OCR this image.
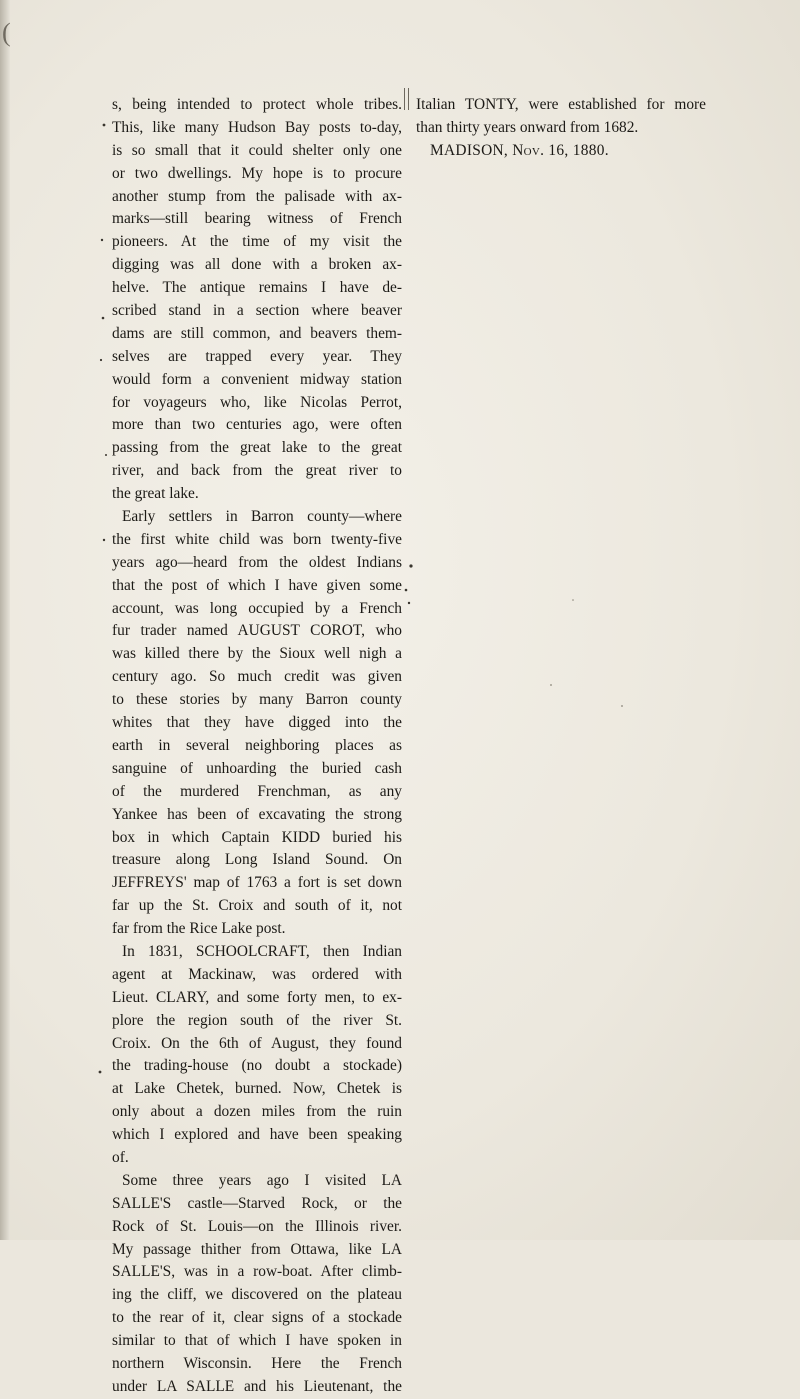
(
s, being intended to protect whole tribes.
This, like many Hudson Bay posts to-day,
is so small that it could shelter only one
or two dwellings. My hope is to procure
another stump from the palisade with ax-
marks—still bearing witness of French
pioneers. At the time of my visit the
digging was all done with a broken ax-
helve. The antique remains I have de-
scribed stand in a section where beaver
dams are still common, and beavers them-
selves are trapped every year. They
would form a convenient midway station
for voyageurs who, like Nicolas Perrot,
more than two centuries ago, were often
passing from the great lake to the great
river, and back from the great river to
the great lake.
Early settlers in Barron county—where
the first white child was born twenty-five
years ago—heard from the oldest Indians
that the post of which I have given some
account, was long occupied by a French
fur trader named AUGUST COROT, who
was killed there by the Sioux well nigh a
century ago. So much credit was given
to these stories by many Barron county
whites that they have digged into the
earth in several neighboring places as
sanguine of unhoarding the buried cash
of the murdered Frenchman, as any
Yankee has been of excavating the strong
box in which Captain KIDD buried his
treasure along Long Island Sound. On
JEFFREYS' map of 1763 a fort is set down
far up the St. Croix and south of it, not
far from the Rice Lake post.
In 1831, SCHOOLCRAFT, then Indian
agent at Mackinaw, was ordered with
Lieut. CLARY, and some forty men, to ex-
plore the region south of the river St.
Croix. On the 6th of August, they found
the trading-house (no doubt a stockade)
at Lake Chetek, burned. Now, Chetek is
only about a dozen miles from the ruin
which I explored and have been speaking
of.
Some three years ago I visited LA
SALLE'S castle—Starved Rock, or the
Rock of St. Louis—on the Illinois river.
My passage thither from Ottawa, like LA
SALLE'S, was in a row-boat. After climb-
ing the cliff, we discovered on the plateau
to the rear of it, clear signs of a stockade
similar to that of which I have spoken in
northern Wisconsin. Here the French
under LA SALLE and his Lieutenant, the
Italian TONTY, were established for more
than thirty years onward from 1682.
MADISON, Nov. 16, 1880.
